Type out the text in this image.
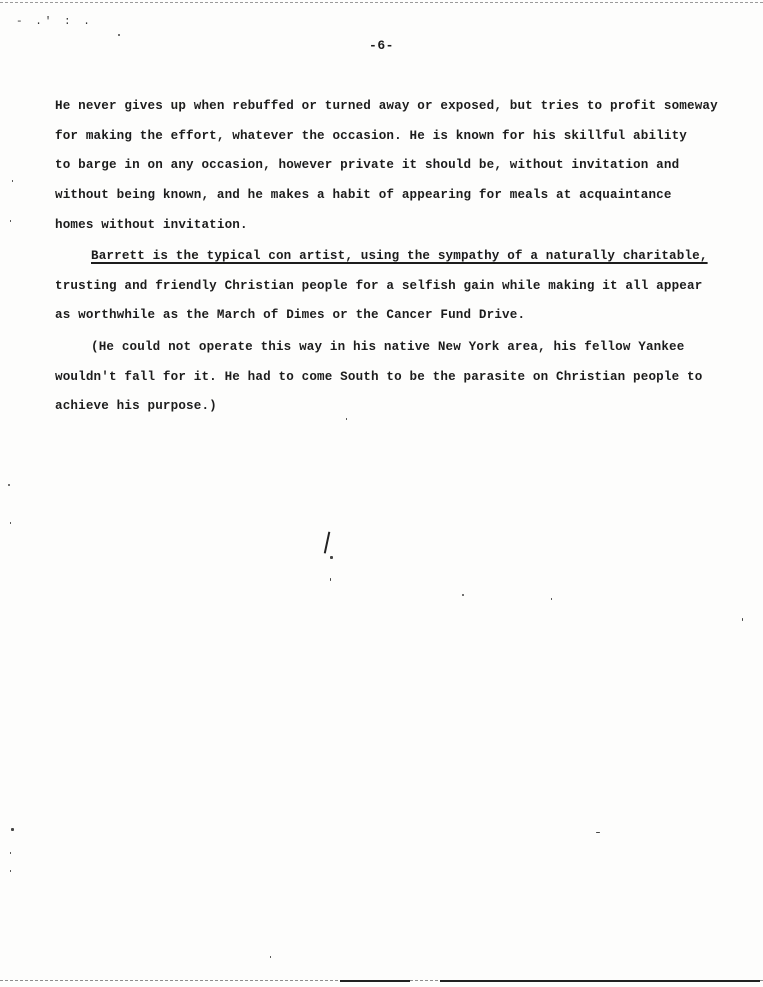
- .' : .
-6-

He never gives up when rebuffed or turned away or exposed, but tries to profit someway

for making the effort, whatever the occasion. He is known for his skillful ability

to barge in on any occasion, however private it should be, without invitation and

without being known, and he makes a habit of appearing for meals at acquaintance

homes without invitation.

Barrett is the typical con artist, using the sympathy of a naturally charitable,

trusting and friendly Christian people for a selfish gain while making it all appear

as worthwhile as the March of Dimes or the Cancer Fund Drive.

(He could not operate this way in his native New York area, his fellow Yankee

wouldn't fall for it. He had to come South to be the parasite on Christian people to

achieve his purpose.)
